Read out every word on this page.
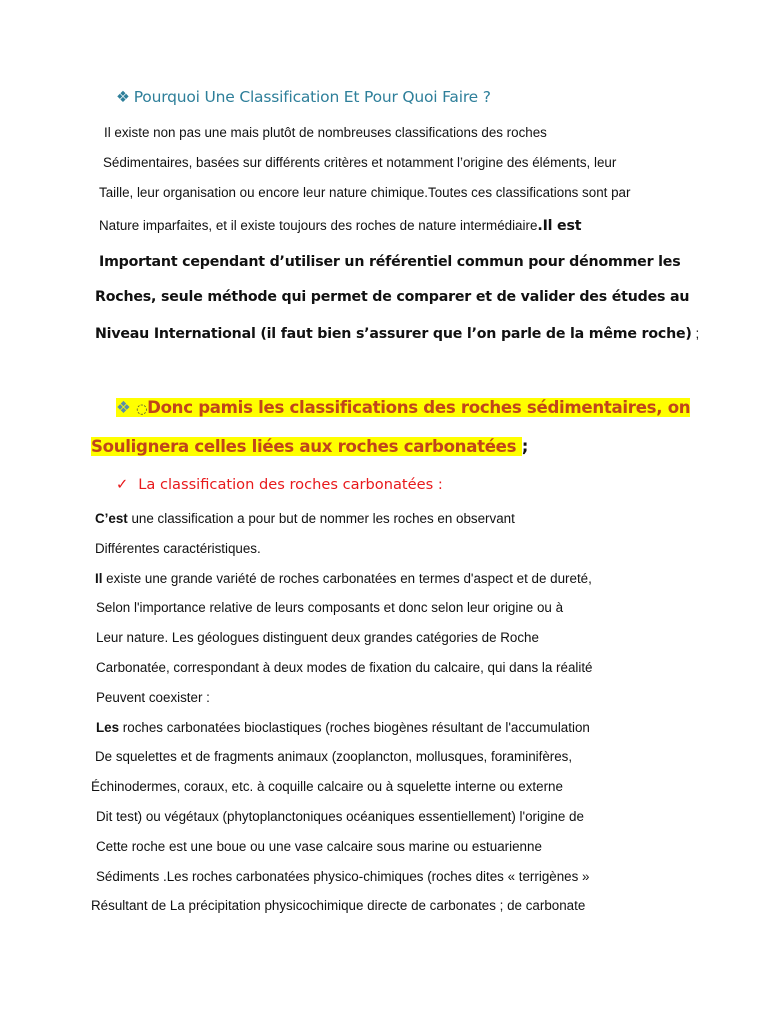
❖ Pourquoi Une Classification Et Pour Quoi Faire ?
Il existe non pas une mais plutôt de nombreuses classifications des roches
Sédimentaires, basées sur différents critères et notamment l’origine des éléments, leur
Taille, leur organisation ou encore leur nature chimique.Toutes ces classifications sont par
Nature imparfaites, et il existe toujours des roches de nature intermédiaire.Il est
Important cependant d’utiliser un référentiel commun pour dénommer les
Roches, seule méthode qui permet de comparer et de valider des études au
Niveau International (il faut bien s’assurer que l’on parle de la même roche) ;
❖ ◌Donc pamis les classifications des roches sédimentaires, on
Soulignera celles liées aux roches carbonatées ;
✓ La classification des roches carbonatées :
C’est une classification a pour but de nommer les roches en observant
Différentes caractéristiques.
Il existe une grande variété de roches carbonatées en termes d'aspect et de dureté,
Selon l'importance relative de leurs composants et donc selon leur origine ou à
Leur nature. Les géologues distinguent deux grandes catégories de Roche
Carbonatée, correspondant à deux modes de fixation du calcaire, qui dans la réalité
Peuvent coexister :
Les roches carbonatées bioclastiques (roches biogènes résultant de l'accumulation
De squelettes et de fragments animaux (zooplancton, mollusques, foraminifères,
Échinodermes, coraux, etc. à coquille calcaire ou à squelette interne ou externe
Dit test) ou végétaux (phytoplanctoniques océaniques essentiellement) l'origine de
Cette roche est une boue ou une vase calcaire sous marine ou estuarienne
Sédiments .Les roches carbonatées physico-chimiques (roches dites « terrigènes »
Résultant de La précipitation physicochimique directe de carbonates ; de carbonate
